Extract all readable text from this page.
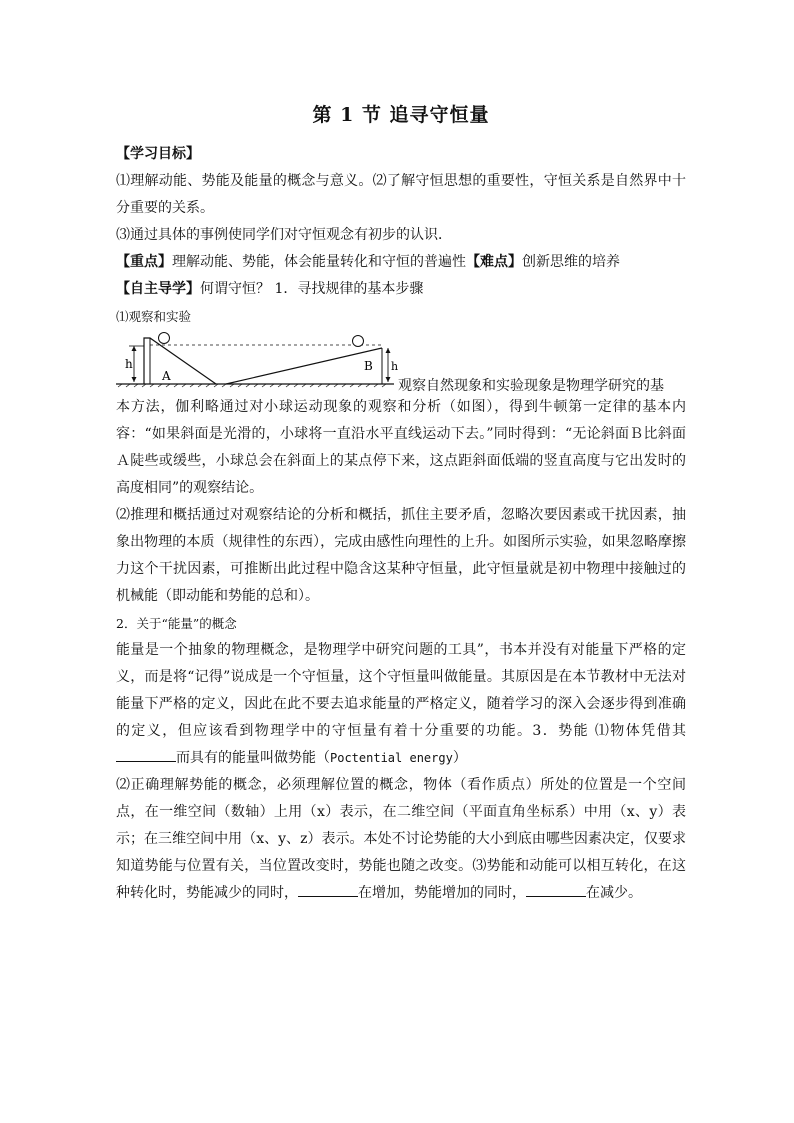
第 1 节 追寻守恒量

【学习目标】

⑴理解动能、势能及能量的概念与意义。⑵了解守恒思想的重要性，守恒关系是自然界中十分重要的关系。

⑶通过具体的事例使同学们对守恒观念有初步的认识．

【重点】理解动能、势能，体会能量转化和守恒的普遍性【难点】创新思维的培养

【自主导学】何谓守恒？ 1．寻找规律的基本步骤

⑴观察和实验

h
A
B h
观察自然现象和实验现象是物理学研究的基

本方法，伽利略通过对小球运动现象的观察和分析（如图），得到牛顿第一定律的基本内容：“如果斜面是光滑的，小球将一直沿水平直线运动下去。”同时得到：“无论斜面Ｂ比斜面Ａ陡些或缓些，小球总会在斜面上的某点停下来，这点距斜面低端的竖直高度与它出发时的高度相同”的观察结论。

⑵推理和概括通过对观察结论的分析和概括，抓住主要矛盾，忽略次要因素或干扰因素，抽象出物理的本质（规律性的东西），完成由感性向理性的上升。如图所示实验，如果忽略摩擦力这个干扰因素，可推断出此过程中隐含这某种守恒量，此守恒量就是初中物理中接触过的机械能（即动能和势能的总和）。

2．关于“能量”的概念

能量是一个抽象的物理概念，是物理学中研究问题的工具”，书本并没有对能量下严格的定义，而是将“记得”说成是一个守恒量，这个守恒量叫做能量。其原因是在本节教材中无法对能量下严格的定义，因此在此不要去追求能量的严格定义，随着学习的深入会逐步得到准确的定义，但应该看到物理学中的守恒量有着十分重要的功能。3．势能 ⑴物体凭借其而具有的能量叫做势能（Poctential energy）

⑵正确理解势能的概念，必须理解位置的概念，物体（看作质点）所处的位置是一个空间点，在一维空间（数轴）上用（x）表示，在二维空间（平面直角坐标系）中用（x、y）表示；在三维空间中用（x、y、z）表示。本处不讨论势能的大小到底由哪些因素决定，仅要求知道势能与位置有关，当位置改变时，势能也随之改变。⑶势能和动能可以相互转化，在这种转化时，势能减少的同时，	在增加，势能增加的同时，	在减少。
